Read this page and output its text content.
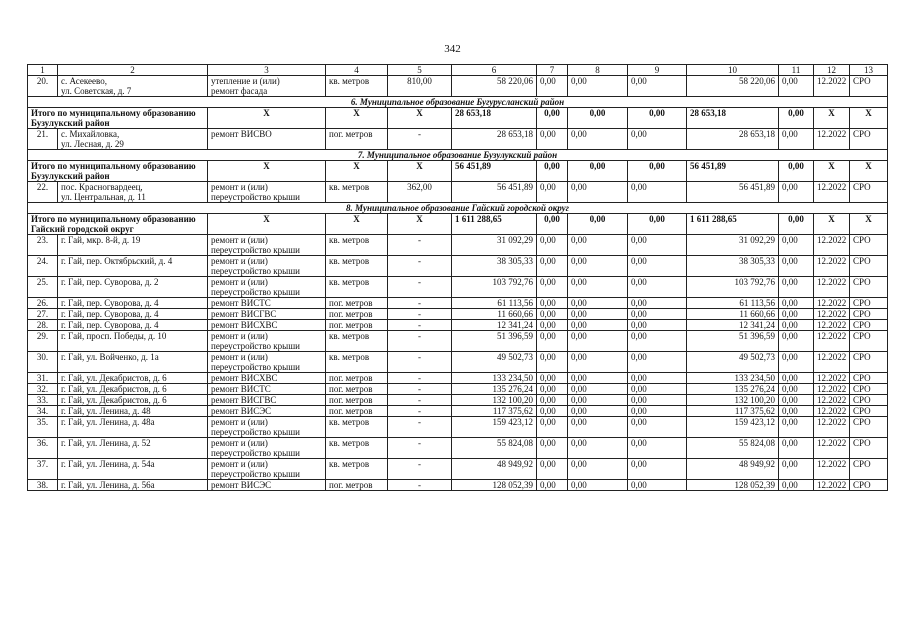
342
1	2	3	4	5	6	7	8	9	10	11	12	13
20.	с. Асекеево,
ул. Советская, д. 7	утепление и (или)
ремонт фасада	кв. метров	810,00	58 220,06	0,00	0,00	0,00	58 220,06	0,00	12.2022	СРО
6. Муниципальное образование Бугурусланский район												
Итого по муниципальному образованию Бузулукский район		X	X	X	28 653,18	0,00	0,00	0,00	28 653,18	0,00	X	X
21.	с. Михайловка,
ул. Лесная, д. 29	ремонт ВИСВО	пог. метров	-	28 653,18	0,00	0,00	0,00	28 653,18	0,00	12.2022	СРО
7. Муниципальное образование Бузулукский район												
Итого по муниципальному образованию Бузулукский район		X	X	X	56 451,89	0,00	0,00	0,00	56 451,89	0,00	X	X
22.	пос. Красногвардеец,
ул. Центральная, д. 11	ремонт и (или)
переустройство крыши	кв. метров	362,00	56 451,89	0,00	0,00	0,00	56 451,89	0,00	12.2022	СРО
8. Муниципальное образование Гайский городской округ												
Итого по муниципальному образованию Гайский городской округ		X	X	X	1 611 288,65	0,00	0,00	0,00	1 611 288,65	0,00	X	X
23.	г. Гай, мкр. 8-й, д. 19	ремонт и (или)
переустройство крыши	кв. метров	-	31 092,29	0,00	0,00	0,00	31 092,29	0,00	12.2022	СРО
24.	г. Гай, пер. Октябрьский, д. 4	ремонт и (или)
переустройство крыши	кв. метров	-	38 305,33	0,00	0,00	0,00	38 305,33	0,00	12.2022	СРО
25.	г. Гай, пер. Суворова, д. 2	ремонт и (или)
переустройство крыши	кв. метров	-	103 792,76	0,00	0,00	0,00	103 792,76	0,00	12.2022	СРО
26.	г. Гай, пер. Суворова, д. 4	ремонт ВИСТС	пог. метров	-	61 113,56	0,00	0,00	0,00	61 113,56	0,00	12.2022	СРО
27.	г. Гай, пер. Суворова, д. 4	ремонт ВИСГВС	пог. метров	-	11 660,66	0,00	0,00	0,00	11 660,66	0,00	12.2022	СРО
28.	г. Гай, пер. Суворова, д. 4	ремонт ВИСХВС	пог. метров	-	12 341,24	0,00	0,00	0,00	12 341,24	0,00	12.2022	СРО
29.	г. Гай, просп. Победы, д. 10	ремонт и (или)
переустройство крыши	кв. метров	-	51 396,59	0,00	0,00	0,00	51 396,59	0,00	12.2022	СРО
30.	г. Гай, ул. Войченко, д. 1а	ремонт и (или)
переустройство крыши	кв. метров	-	49 502,73	0,00	0,00	0,00	49 502,73	0,00	12.2022	СРО
31.	г. Гай, ул. Декабристов, д. 6	ремонт ВИСХВС	пог. метров	-	133 234,50	0,00	0,00	0,00	133 234,50	0,00	12.2022	СРО
32.	г. Гай, ул. Декабристов, д. 6	ремонт ВИСТС	пог. метров	-	135 276,24	0,00	0,00	0,00	135 276,24	0,00	12.2022	СРО
33.	г. Гай, ул. Декабристов, д. 6	ремонт ВИСГВС	пог. метров	-	132 100,20	0,00	0,00	0,00	132 100,20	0,00	12.2022	СРО
34.	г. Гай, ул. Ленина, д. 48	ремонт ВИСЭС	пог. метров	-	117 375,62	0,00	0,00	0,00	117 375,62	0,00	12.2022	СРО
35.	г. Гай, ул. Ленина, д. 48а	ремонт и (или)
переустройство крыши	кв. метров	-	159 423,12	0,00	0,00	0,00	159 423,12	0,00	12.2022	СРО
36.	г. Гай, ул. Ленина, д. 52	ремонт и (или)
переустройство крыши	кв. метров	-	55 824,08	0,00	0,00	0,00	55 824,08	0,00	12.2022	СРО
37.	г. Гай, ул. Ленина, д. 54а	ремонт и (или)
переустройство крыши	кв. метров	-	48 949,92	0,00	0,00	0,00	48 949,92	0,00	12.2022	СРО
38.	г. Гай, ул. Ленина, д. 56а	ремонт ВИСЭС	пог. метров	-	128 052,39	0,00	0,00	0,00	128 052,39	0,00	12.2022	СРО
